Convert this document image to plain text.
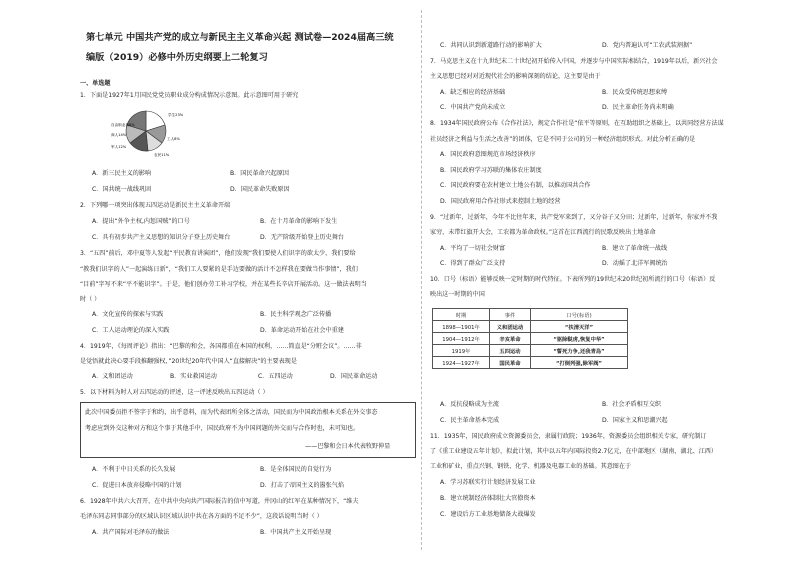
第七单元 中国共产党的成立与新民主主义革命兴起 测试卷—2024届高三统
编版（2019）必修中外历史纲要上二轮复习
一、单选题
1．下面是1927年1月国民党党员职业成分构成情况示意图。此示意图可用于研究
自由职业者8%
学生23%
工人8%
农民11%
军人12%
商人14%
A．新三民主义的影响	B．国民革命兴起原因
C．国共统一战线巩固	D．国民革命失败原因
2．下列哪一项突出体现五四运动是新民主主义革命开端
A．提出“外争主权,内惩国贼”的口号	B．在十月革命的影响下发生
C．具有初步共产主义思想的知识分子登上历史舞台	D．无产阶级开始登上历史舞台
3．“五四”前后，邓中夏等人发起“平民教育讲演团”，他们发现“我们要使人们识字的欲太少，我们要给
“教我们识字的人”一起演练日新”，“我们工人要紧的是手边要做的活计不怎样我在要做当作事情”，我们
“目前”字写不来“平不能识字”。于是，他们创办劳工补习学校，并在某些长辛店开展活动。这一做法表明当
时（ ）
A．文化宣传的探索与实践	B．民主科学观念广泛传播
C．工人运动理论的深入实践	D．革命运动开始在社会中重建
4．1919年，《每周评论》指出：“巴黎的和会，各国都重在本国的权利，……简直是“分赃会议”。……非
是觉悟就此决心要手段推翻强权，”20世纪20年代中国人“直接解决”的主要表现是
A．义和团运动	B．实业救国运动	C．五四运动	D．国民革命运动
5．以下材料为时人对五四运动的评述，这一评述反映出五四运动（ ）
此次中国委员拒不签字于和约，出乎意料，而为代表团所全体之活动，国民而为中国政治根本关系在外交事态
考虑应到外交这种对方和这个事于其他手中，国民政府不为中国问题的外交而与合作时也，未可知也。
——巴黎和会日本代表牧野伸显
A．不利于中日关系的长久发展	B．是全体国民的自觉行为
C．促进日本放弃侵略中国的计划	D．打击了帝国主义的嚣张气焰
6．1928年中共六大召开，在中共中央向共产国际报告的信中写道，井冈山的红军在某种情况下，“维夫
毛泽东同志同事部分的区域认识区域认识中共在各方面的不足不少”，这段话说明当时（ ）
A．共产国际对毛泽东的做法	B．中国共产主义开始呈现
C．共同认识到新道路行动的影响扩大	D．党内普遍认可“工农武装割据”
7．马克思主义在十九世纪末二十世纪初开始传入中国，并逐步与中国实际相结合，1919年以后，新兴社会
主义思想已经对对近现代社会的影响深刻的结论，这主要是由于
A．缺乏相应的经济基础	B．民众受传统思想束缚
C．中国共产党尚未成立	D．民主革命任务尚未明确
8．1934年国民政府公布《合作社法》，规定合作社是“依平等原则，在互助组织之基础上，以共同经营方法谋
社员经济之利益与生活之改善”的团体，它是不同于公司的另一种经济组织形式。对此分析正确的是
A．国民政府意图规范市场经济秩序
B．国民政府学习苏联的集体农庄制度
C．国民政府要在农村建立土地公有制，以推动国共合作
D．国民政府用合作社形式来控制土地的经营
9．“过新年，过新年，今年不比往年来，共产党军来到了，又分谷子又分田；过新年，过新年，你家并不我
家穷，未带红旗开大会，工农都为革命政权。”这首在江西流行的民歌反映出土地革命
A．平均了一切社会财富	B．建立了革命统一战线
C．得到了群众广泛支持	D．动摇了北洋军阀统治
10．口号（标语）能够反映一定时期的时代特征。下表所列的19世纪末20世纪初所流行的口号（标语）反
映出这一时期的中国
时期	事件	口号(标语)
1898—1901年	义和团运动	“扶清灭洋”
1904—1912年	辛亥革命	“驱除鞑虏,恢复中华”
1919年	五四运动	“誓死力争,还我青岛”
1924—1927年	国民革命	“打倒列强,除军阀”
A．反抗侵略成为主流	B．社会矛盾相互交织
C．民主革命基本完成	D．国家主义和思潮兴起
11．1935年，国民政府成立资源委员会，隶属行政院；1936年，资源委员会组织相关专家，研究制订
了《重工业建设五年计划》，拟此计划，其中以五年内国际投资2.7亿元，在中部地区（湖南，湖北、江西）
工业和矿业，重点兴钢、钢铁、化学、机器及电器工业的基础。其意图在于
A．学习苏联实行计划经济发展工业
B．建立统制经济体制壮大官僚资本
C．建设后方工业基地储备大战爆发
